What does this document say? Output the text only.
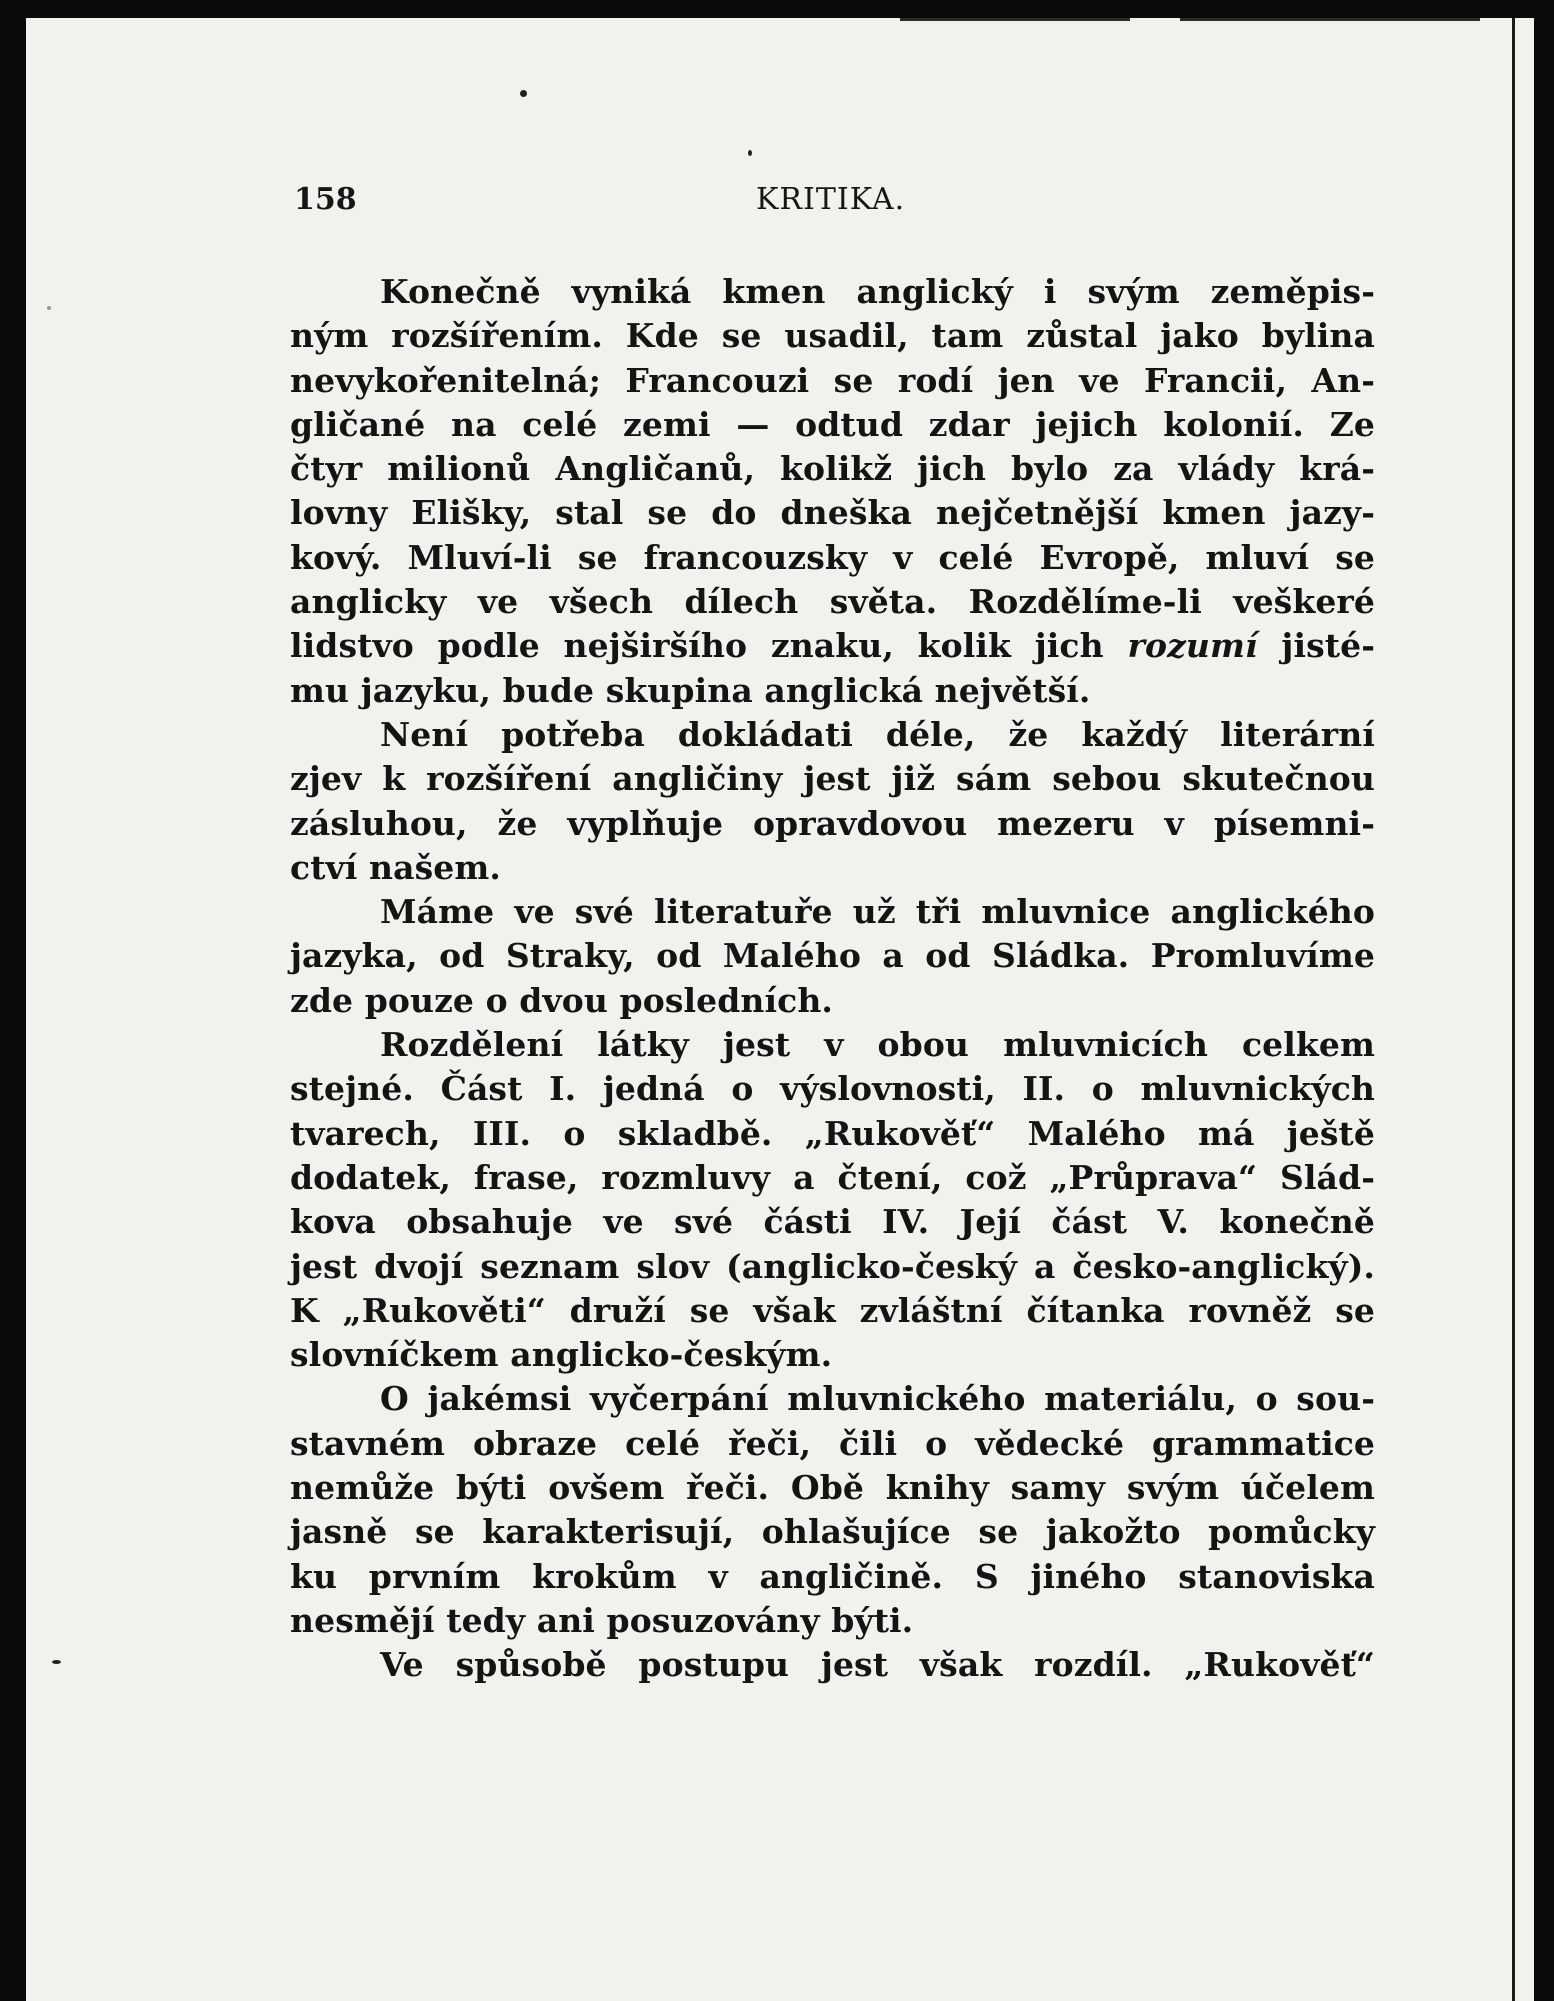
158	KRITIKA.
Konečně vyniká kmen anglický i svým zeměpis-
ným rozšířením. Kde se usadil, tam zůstal jako bylina
nevykořenitelná; Francouzi se rodí jen ve Francii, An-
gličané na celé zemi — odtud zdar jejich kolonií. Ze
čtyr milionů Angličanů, kolikž jich bylo za vlády krá-
lovny Elišky, stal se do dneška nejčetnější kmen jazy-
kový. Mluví-li se francouzsky v celé Evropě, mluví se
anglicky ve všech dílech světa. Rozdělíme-li veškeré
lidstvo podle nejširšího znaku, kolik jich rozumí jisté-
mu jazyku, bude skupina anglická největší.
Není potřeba dokládati déle, že každý literární
zjev k rozšíření angličiny jest již sám sebou skutečnou
zásluhou, že vyplňuje opravdovou mezeru v písemni-
ctví našem.
Máme ve své literatuře už tři mluvnice anglického
jazyka, od Straky, od Malého a od Sládka. Promluvíme
zde pouze o dvou posledních.
Rozdělení látky jest v obou mluvnicích celkem
stejné. Část I. jedná o výslovnosti, II. o mluvnických
tvarech, III. o skladbě. „Rukověť“ Malého má ještě
dodatek, frase, rozmluvy a čtení, což „Průprava“ Slád-
kova obsahuje ve své části IV. Její část V. konečně
jest dvojí seznam slov (anglicko-český a česko-anglický).
K „Rukověti“ druží se však zvláštní čítanka rovněž se
slovníčkem anglicko-českým.
O jakémsi vyčerpání mluvnického materiálu, o sou-
stavném obraze celé řeči, čili o vědecké grammatice
nemůže býti ovšem řeči. Obě knihy samy svým účelem
jasně se karakterisují, ohlašujíce se jakožto pomůcky
ku prvním krokům v angličině. S jiného stanoviska
nesmějí tedy ani posuzovány býti.
Ve spůsobě postupu jest však rozdíl. „Rukověť“
